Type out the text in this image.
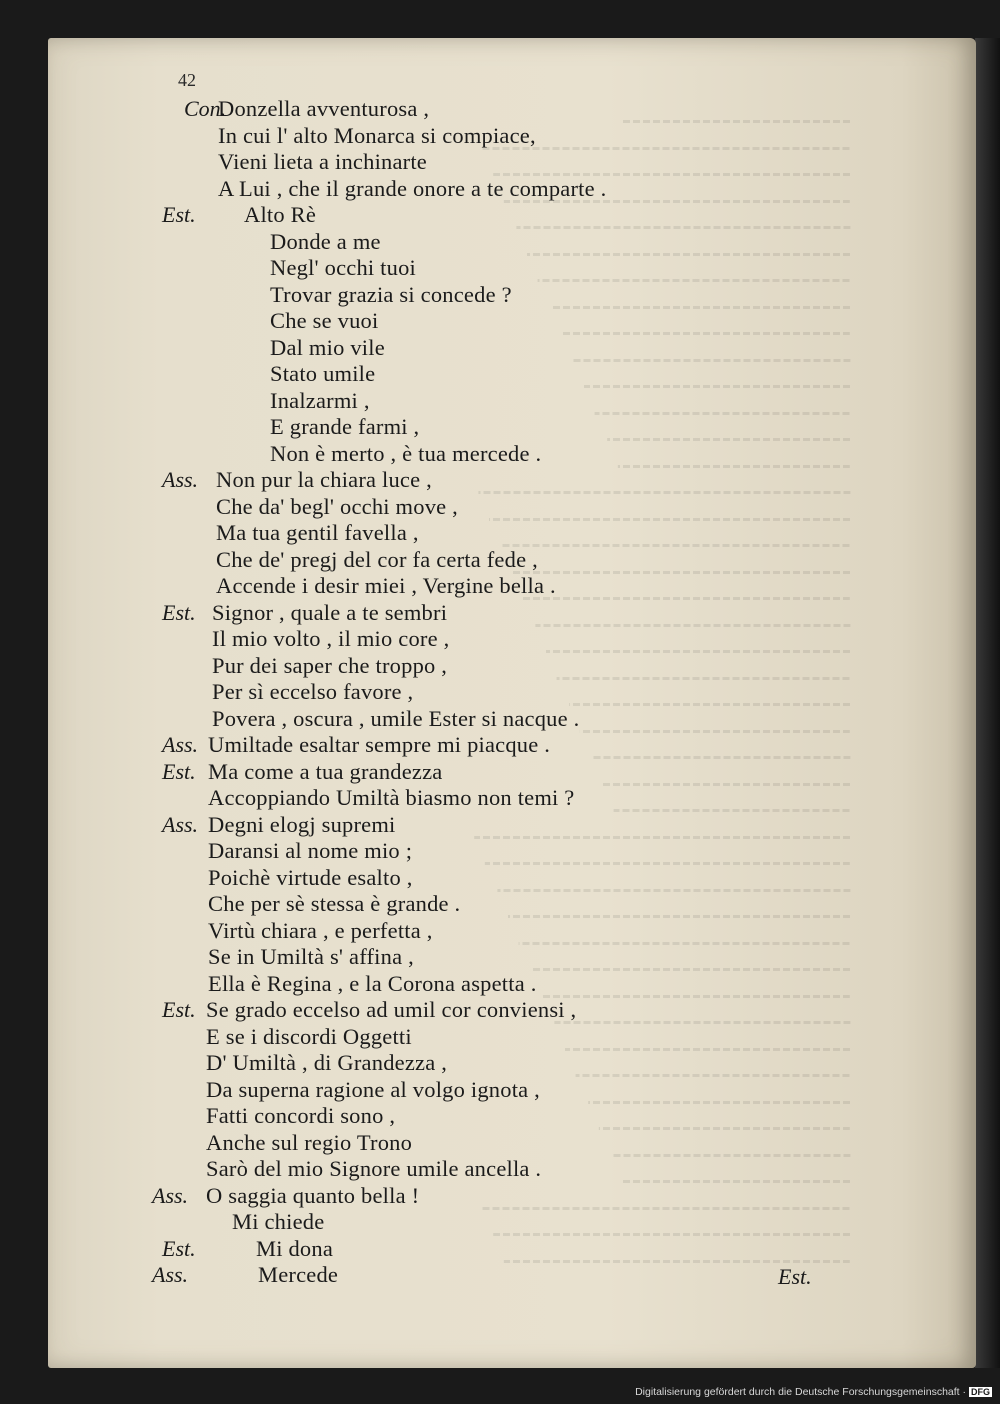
42
Con.
Donzella avventurosa ,
In cui l' alto Monarca si compiace,
Vieni lieta a inchinarte
A Lui , che il grande onore a te comparte .
Est. Alto Rè
Donde a me
Negl' occhi tuoi
Trovar grazia si concede ?
Che se vuoi
Dal mio vile
Stato umile
Inalzarmi ,
E grande farmi ,
Non è merto , è tua mercede .
Ass. Non pur la chiara luce ,
Che da' begl' occhi move ,
Ma tua gentil favella ,
Che de' pregj del cor fa certa fede ,
Accende i desir miei , Vergine bella .
Est. Signor , quale a te sembri
Il mio volto , il mio core ,
Pur dei saper che troppo ,
Per sì eccelso favore ,
Povera , oscura , umile Ester si nacque .
Ass. Umiltade esaltar sempre mi piacque .
Est. Ma come a tua grandezza
Accoppiando Umiltà biasmo non temi ?
Ass. Degni elogj supremi
Daransi al nome mio ;
Poichè virtude esalto ,
Che per sè stessa è grande .
Virtù chiara , e perfetta ,
Se in Umiltà s' affina ,
Ella è Regina , e la Corona aspetta .
Est. Se grado eccelso ad umil cor conviensi ,
E se i discordi Oggetti
D' Umiltà , di Grandezza ,
Da superna ragione al volgo ignota ,
Fatti concordi sono ,
Anche sul regio Trono
Sarò del mio Signore umile ancella .
Ass. O saggia quanto bella !
Mi chiede
Est.	Mi dona
Ass.	Mercede	Est.
Digitalisierung gefördert durch die Deutsche Forschungsgemeinschaft · DFG
